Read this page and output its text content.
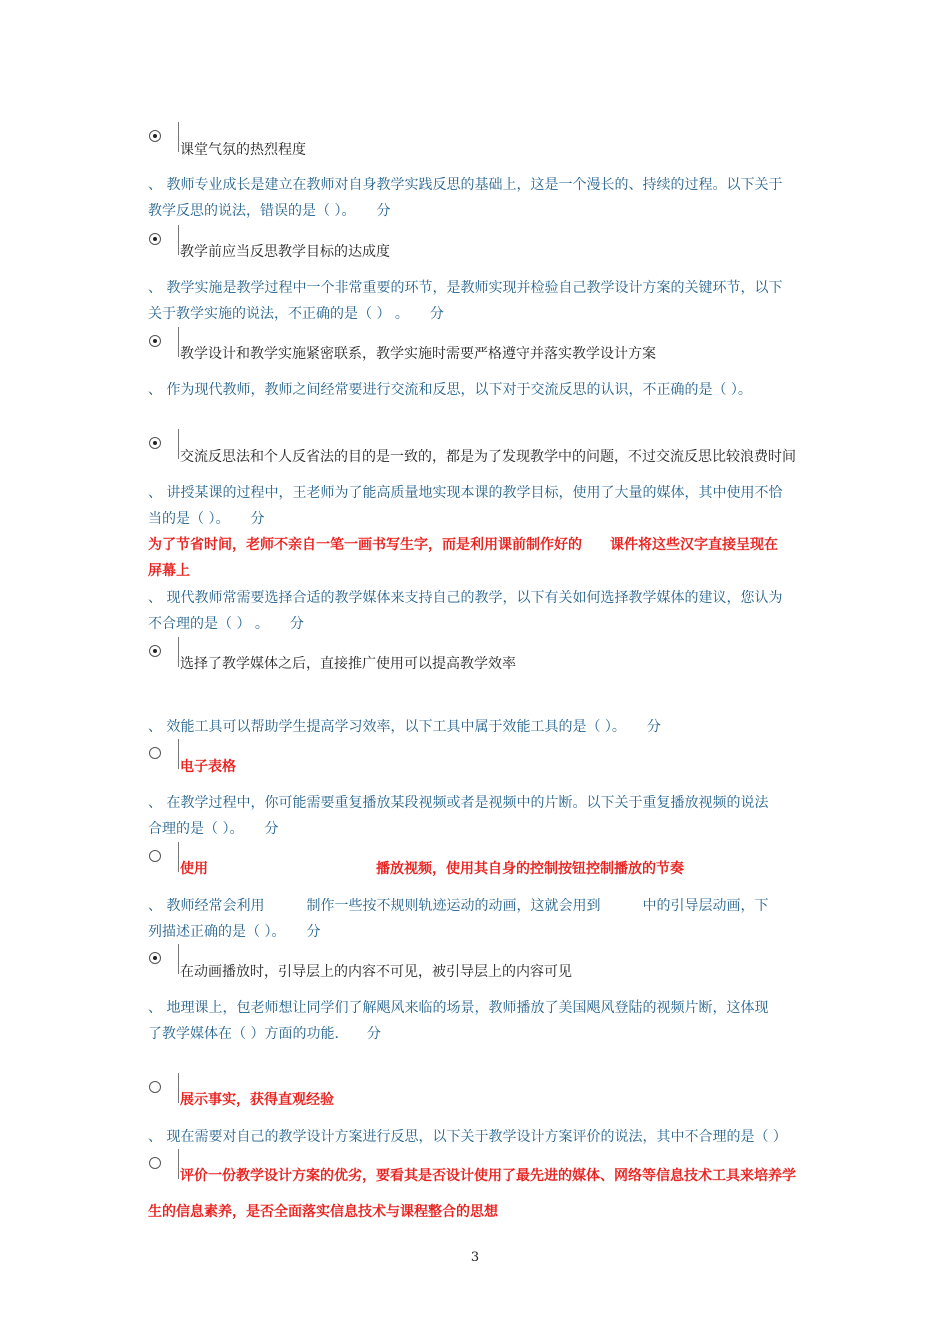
课堂气氛的热烈程度
、 教师专业成长是建立在教师对自身教学实践反思的基础上，这是一个漫长的、持续的过程。以下关于
教学反思的说法，错误的是（ ）。　　分
教学前应当反思教学目标的达成度
、 教学实施是教学过程中一个非常重要的环节，是教师实现并检验自己教学设计方案的关键环节，以下
关于教学实施的说法，不正确的是（ ） 。　　分
教学设计和教学实施紧密联系，教学实施时需要严格遵守并落实教学设计方案
、 作为现代教师，教师之间经常要进行交流和反思，以下对于交流反思的认识，不正确的是（ ）。
交流反思法和个人反省法的目的是一致的，都是为了发现教学中的问题，不过交流反思比较浪费时间
、 讲授某课的过程中，王老师为了能高质量地实现本课的教学目标，使用了大量的媒体，其中使用不恰
当的是（ ）。　　分
为了节省时间，老师不亲自一笔一画书写生字，而是利用课前制作好的　　课件将这些汉字直接呈现在
屏幕上
、 现代教师常需要选择合适的教学媒体来支持自己的教学，以下有关如何选择教学媒体的建议，您认为
不合理的是（ ） 。　　分
选择了教学媒体之后，直接推广使用可以提高教学效率
、 效能工具可以帮助学生提高学习效率，以下工具中属于效能工具的是（ ）。　　分
电子表格
、 在教学过程中，你可能需要重复播放某段视频或者是视频中的片断。以下关于重复播放视频的说法
合理的是（ ）。　　分
使用　　　　　　　　　　　　播放视频，使用其自身的控制按钮控制播放的节奏
、 教师经常会利用　　　制作一些按不规则轨迹运动的动画，这就会用到　　　中的引导层动画，下
列描述正确的是（ ）。　　分
在动画播放时，引导层上的内容不可见，被引导层上的内容可见
、 地理课上，包老师想让同学们了解飓风来临的场景，教师播放了美国飓风登陆的视频片断，这体现
了教学媒体在（ ）方面的功能.　　分
展示事实，获得直观经验
、 现在需要对自己的教学设计方案进行反思，以下关于教学设计方案评价的说法，其中不合理的是（ ）
评价一份教学设计方案的优劣，要看其是否设计使用了最先进的媒体、网络等信息技术工具来培养学
生的信息素养，是否全面落实信息技术与课程整合的思想
3
